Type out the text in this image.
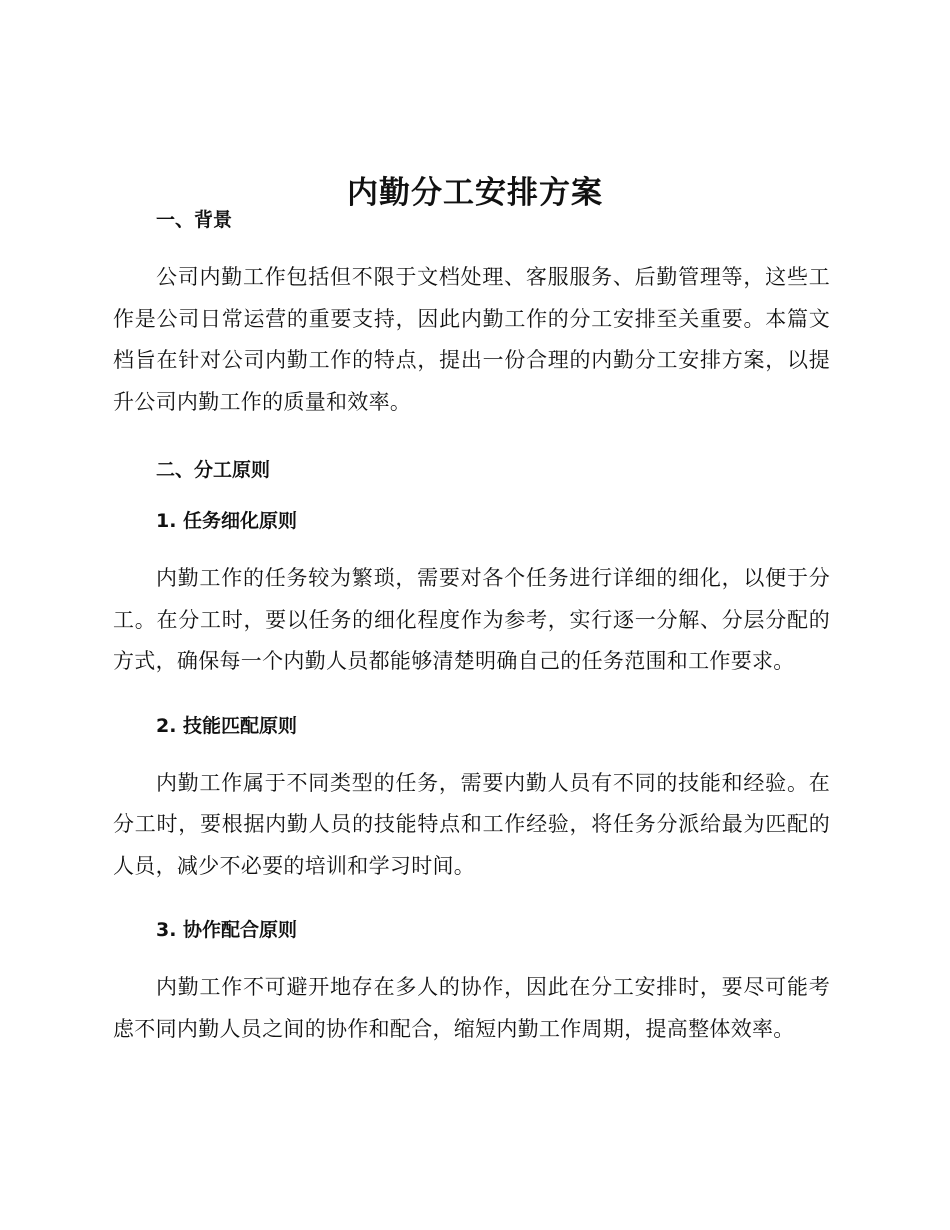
内勤分工安排方案
一、背景

公司内勤工作包括但不限于文档处理、客服服务、后勤管理等，这些工作是公司日常运营的重要支持，因此内勤工作的分工安排至关重要。本篇文档旨在针对公司内勤工作的特点，提出一份合理的内勤分工安排方案，以提升公司内勤工作的质量和效率。

二、分工原则
1. 任务细化原则

内勤工作的任务较为繁琐，需要对各个任务进行详细的细化，以便于分工。在分工时，要以任务的细化程度作为参考，实行逐一分解、分层分配的方式，确保每一个内勤人员都能够清楚明确自己的任务范围和工作要求。

2. 技能匹配原则

内勤工作属于不同类型的任务，需要内勤人员有不同的技能和经验。在分工时，要根据内勤人员的技能特点和工作经验，将任务分派给最为匹配的人员，减少不必要的培训和学习时间。

3. 协作配合原则

内勤工作不可避开地存在多人的协作，因此在分工安排时，要尽可能考虑不同内勤人员之间的协作和配合，缩短内勤工作周期，提高整体效率。
